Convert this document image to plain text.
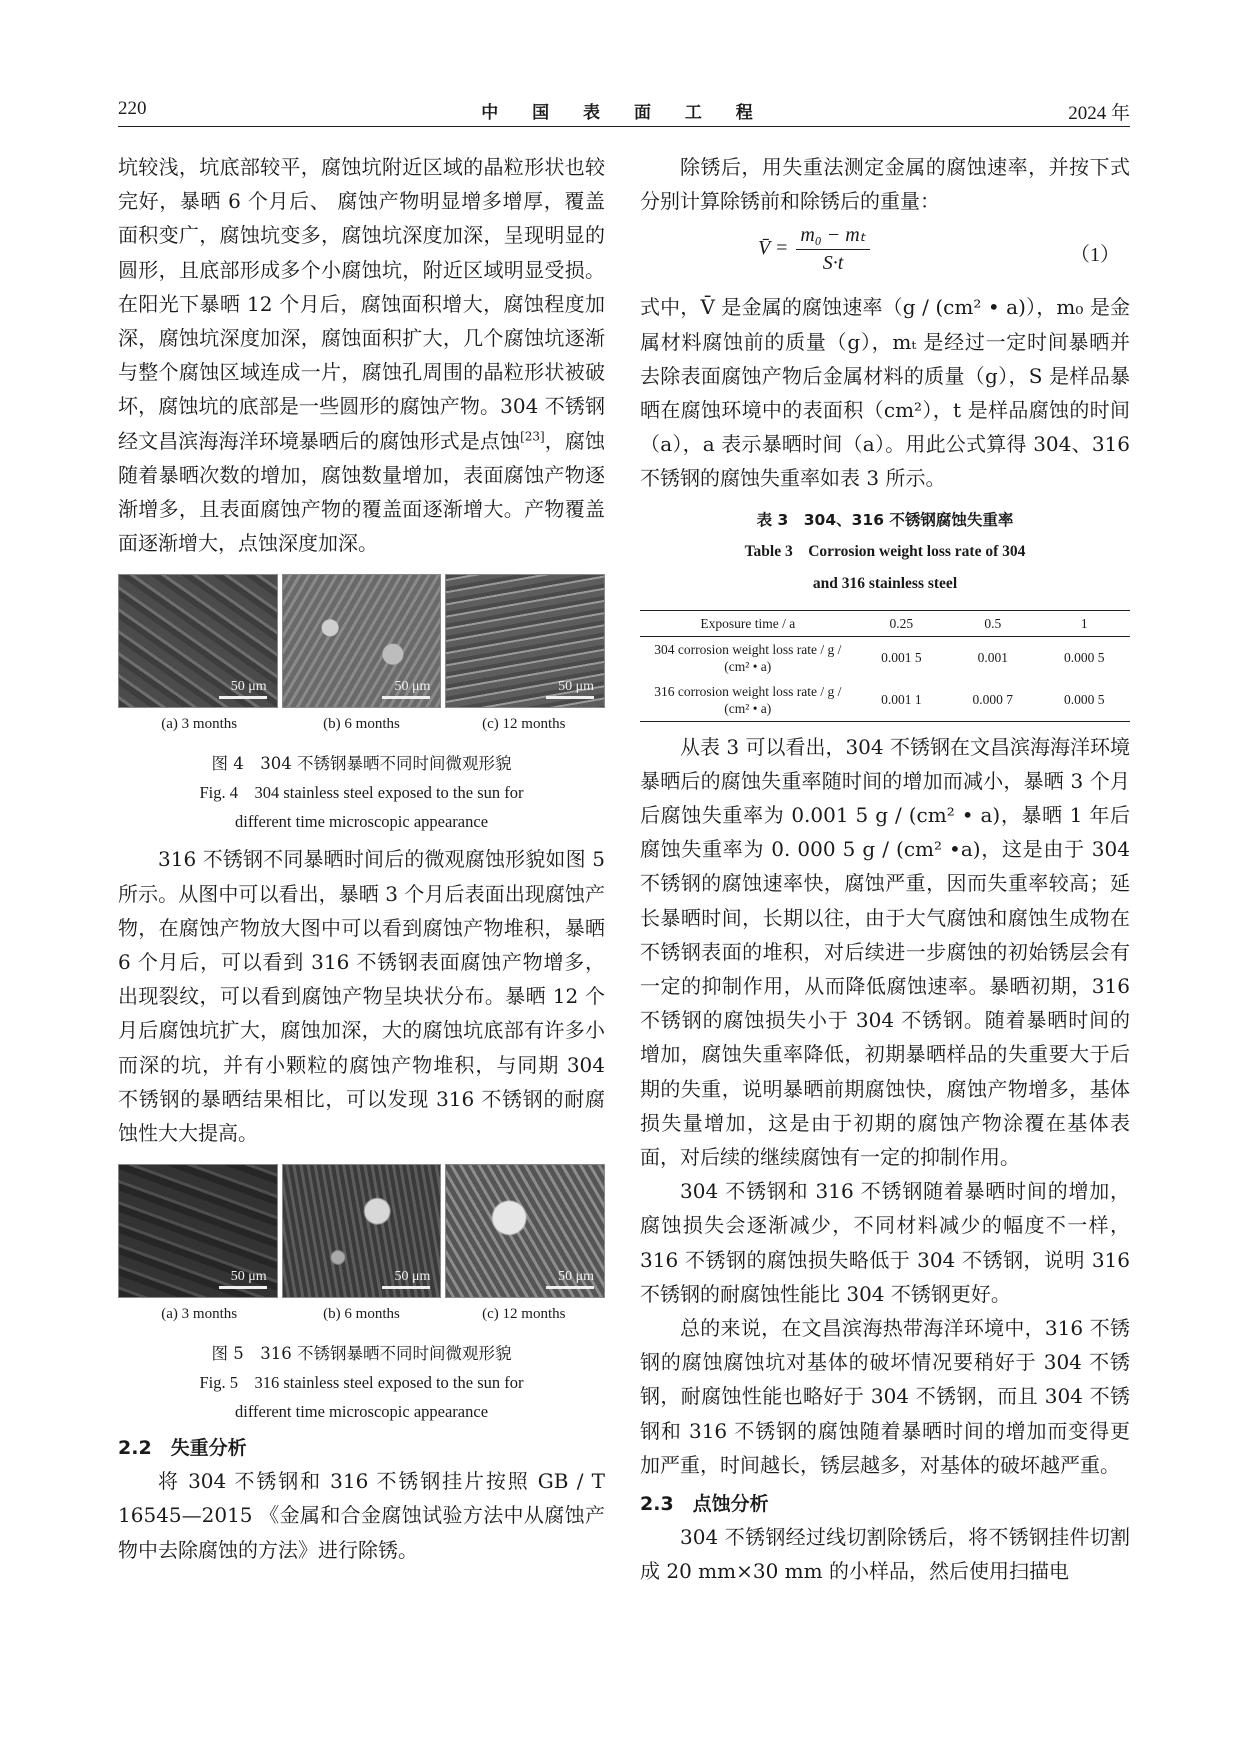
220	中 国 表 面 工 程	2024 年

坑较浅，坑底部较平，腐蚀坑附近区域的晶粒形状也较完好，暴晒 6 个月后、 腐蚀产物明显增多增厚，覆盖面积变广，腐蚀坑变多，腐蚀坑深度加深，呈现明显的圆形，且底部形成多个小腐蚀坑，附近区域明显受损。在阳光下暴晒 12 个月后，腐蚀面积增大，腐蚀程度加深，腐蚀坑深度加深，腐蚀面积扩大，几个腐蚀坑逐渐与整个腐蚀区域连成一片，腐蚀孔周围的晶粒形状被破坏，腐蚀坑的底部是一些圆形的腐蚀产物。304 不锈钢经文昌滨海海洋环境暴晒后的腐蚀形式是点蚀[23]，腐蚀随着暴晒次数的增加，腐蚀数量增加，表面腐蚀产物逐渐增多，且表面腐蚀产物的覆盖面逐渐增大。产物覆盖面逐渐增大，点蚀深度加深。

50 μm	50 μm	50 μm
(a) 3 months	(b) 6 months	(c) 12 months
图 4　304 不锈钢暴晒不同时间微观形貌
Fig. 4　304 stainless steel exposed to the sun for
different time microscopic appearance

316 不锈钢不同暴晒时间后的微观腐蚀形貌如图 5 所示。从图中可以看出，暴晒 3 个月后表面出现腐蚀产物，在腐蚀产物放大图中可以看到腐蚀产物堆积，暴晒 6 个月后，可以看到 316 不锈钢表面腐蚀产物增多，出现裂纹，可以看到腐蚀产物呈块状分布。暴晒 12 个月后腐蚀坑扩大，腐蚀加深，大的腐蚀坑底部有许多小而深的坑，并有小颗粒的腐蚀产物堆积，与同期 304 不锈钢的暴晒结果相比，可以发现 316 不锈钢的耐腐蚀性大大提高。

50 μm	50 μm	50 μm
(a) 3 months	(b) 6 months	(c) 12 months
图 5　316 不锈钢暴晒不同时间微观形貌
Fig. 5　316 stainless steel exposed to the sun for
different time microscopic appearance
2.2　失重分析

将 304 不锈钢和 316 不锈钢挂片按照 GB / T 16545—2015 《金属和合金腐蚀试验方法中从腐蚀产物中去除腐蚀的方法》进行除锈。

除锈后，用失重法测定金属的腐蚀速率，并按下式分别计算除锈前和除锈后的重量：

V̄ = $\frac{\text{m₀ − mₜ}}{S\cdot t}$	（1）

式中，V̄ 是金属的腐蚀速率（g / (cm² • a)），m₀ 是金属材料腐蚀前的质量（g），mₜ 是经过一定时间暴晒并去除表面腐蚀产物后金属材料的质量（g），S 是样品暴晒在腐蚀环境中的表面积（cm²），t 是样品腐蚀的时间（a），a 表示暴晒时间（a）。用此公式算得 304、316 不锈钢的腐蚀失重率如表 3 所示。

表 3　304、316 不锈钢腐蚀失重率
Table 3　Corrosion weight loss rate of 304
and 316 stainless steel
Exposure time / a	0.25	0.5	1
304 corrosion weight loss rate / g / (cm² • a)	0.001 5	0.001	0.000 5
316 corrosion weight loss rate / g / (cm² • a)	0.001 1	0.000 7	0.000 5

从表 3 可以看出，304 不锈钢在文昌滨海海洋环境暴晒后的腐蚀失重率随时间的增加而减小，暴晒 3 个月后腐蚀失重率为 0.001 5 g / (cm² • a)，暴晒 1 年后腐蚀失重率为 0. 000 5 g / (cm² •a)，这是由于 304 不锈钢的腐蚀速率快，腐蚀严重，因而失重率较高；延长暴晒时间，长期以往，由于大气腐蚀和腐蚀生成物在不锈钢表面的堆积，对后续进一步腐蚀的初始锈层会有一定的抑制作用，从而降低腐蚀速率。暴晒初期，316 不锈钢的腐蚀损失小于 304 不锈钢。随着暴晒时间的增加，腐蚀失重率降低，初期暴晒样品的失重要大于后期的失重，说明暴晒前期腐蚀快，腐蚀产物增多，基体损失量增加，这是由于初期的腐蚀产物涂覆在基体表面，对后续的继续腐蚀有一定的抑制作用。

304 不锈钢和 316 不锈钢随着暴晒时间的增加，腐蚀损失会逐渐减少，不同材料减少的幅度不一样，316 不锈钢的腐蚀损失略低于 304 不锈钢，说明 316 不锈钢的耐腐蚀性能比 304 不锈钢更好。

总的来说，在文昌滨海热带海洋环境中，316 不锈钢的腐蚀腐蚀坑对基体的破坏情况要稍好于 304 不锈钢，耐腐蚀性能也略好于 304 不锈钢，而且 304 不锈钢和 316 不锈钢的腐蚀随着暴晒时间的增加而变得更加严重，时间越长，锈层越多，对基体的破坏越严重。

2.3　点蚀分析

304 不锈钢经过线切割除锈后，将不锈钢挂件切割成 20 mm×30 mm 的小样品，然后使用扫描电
